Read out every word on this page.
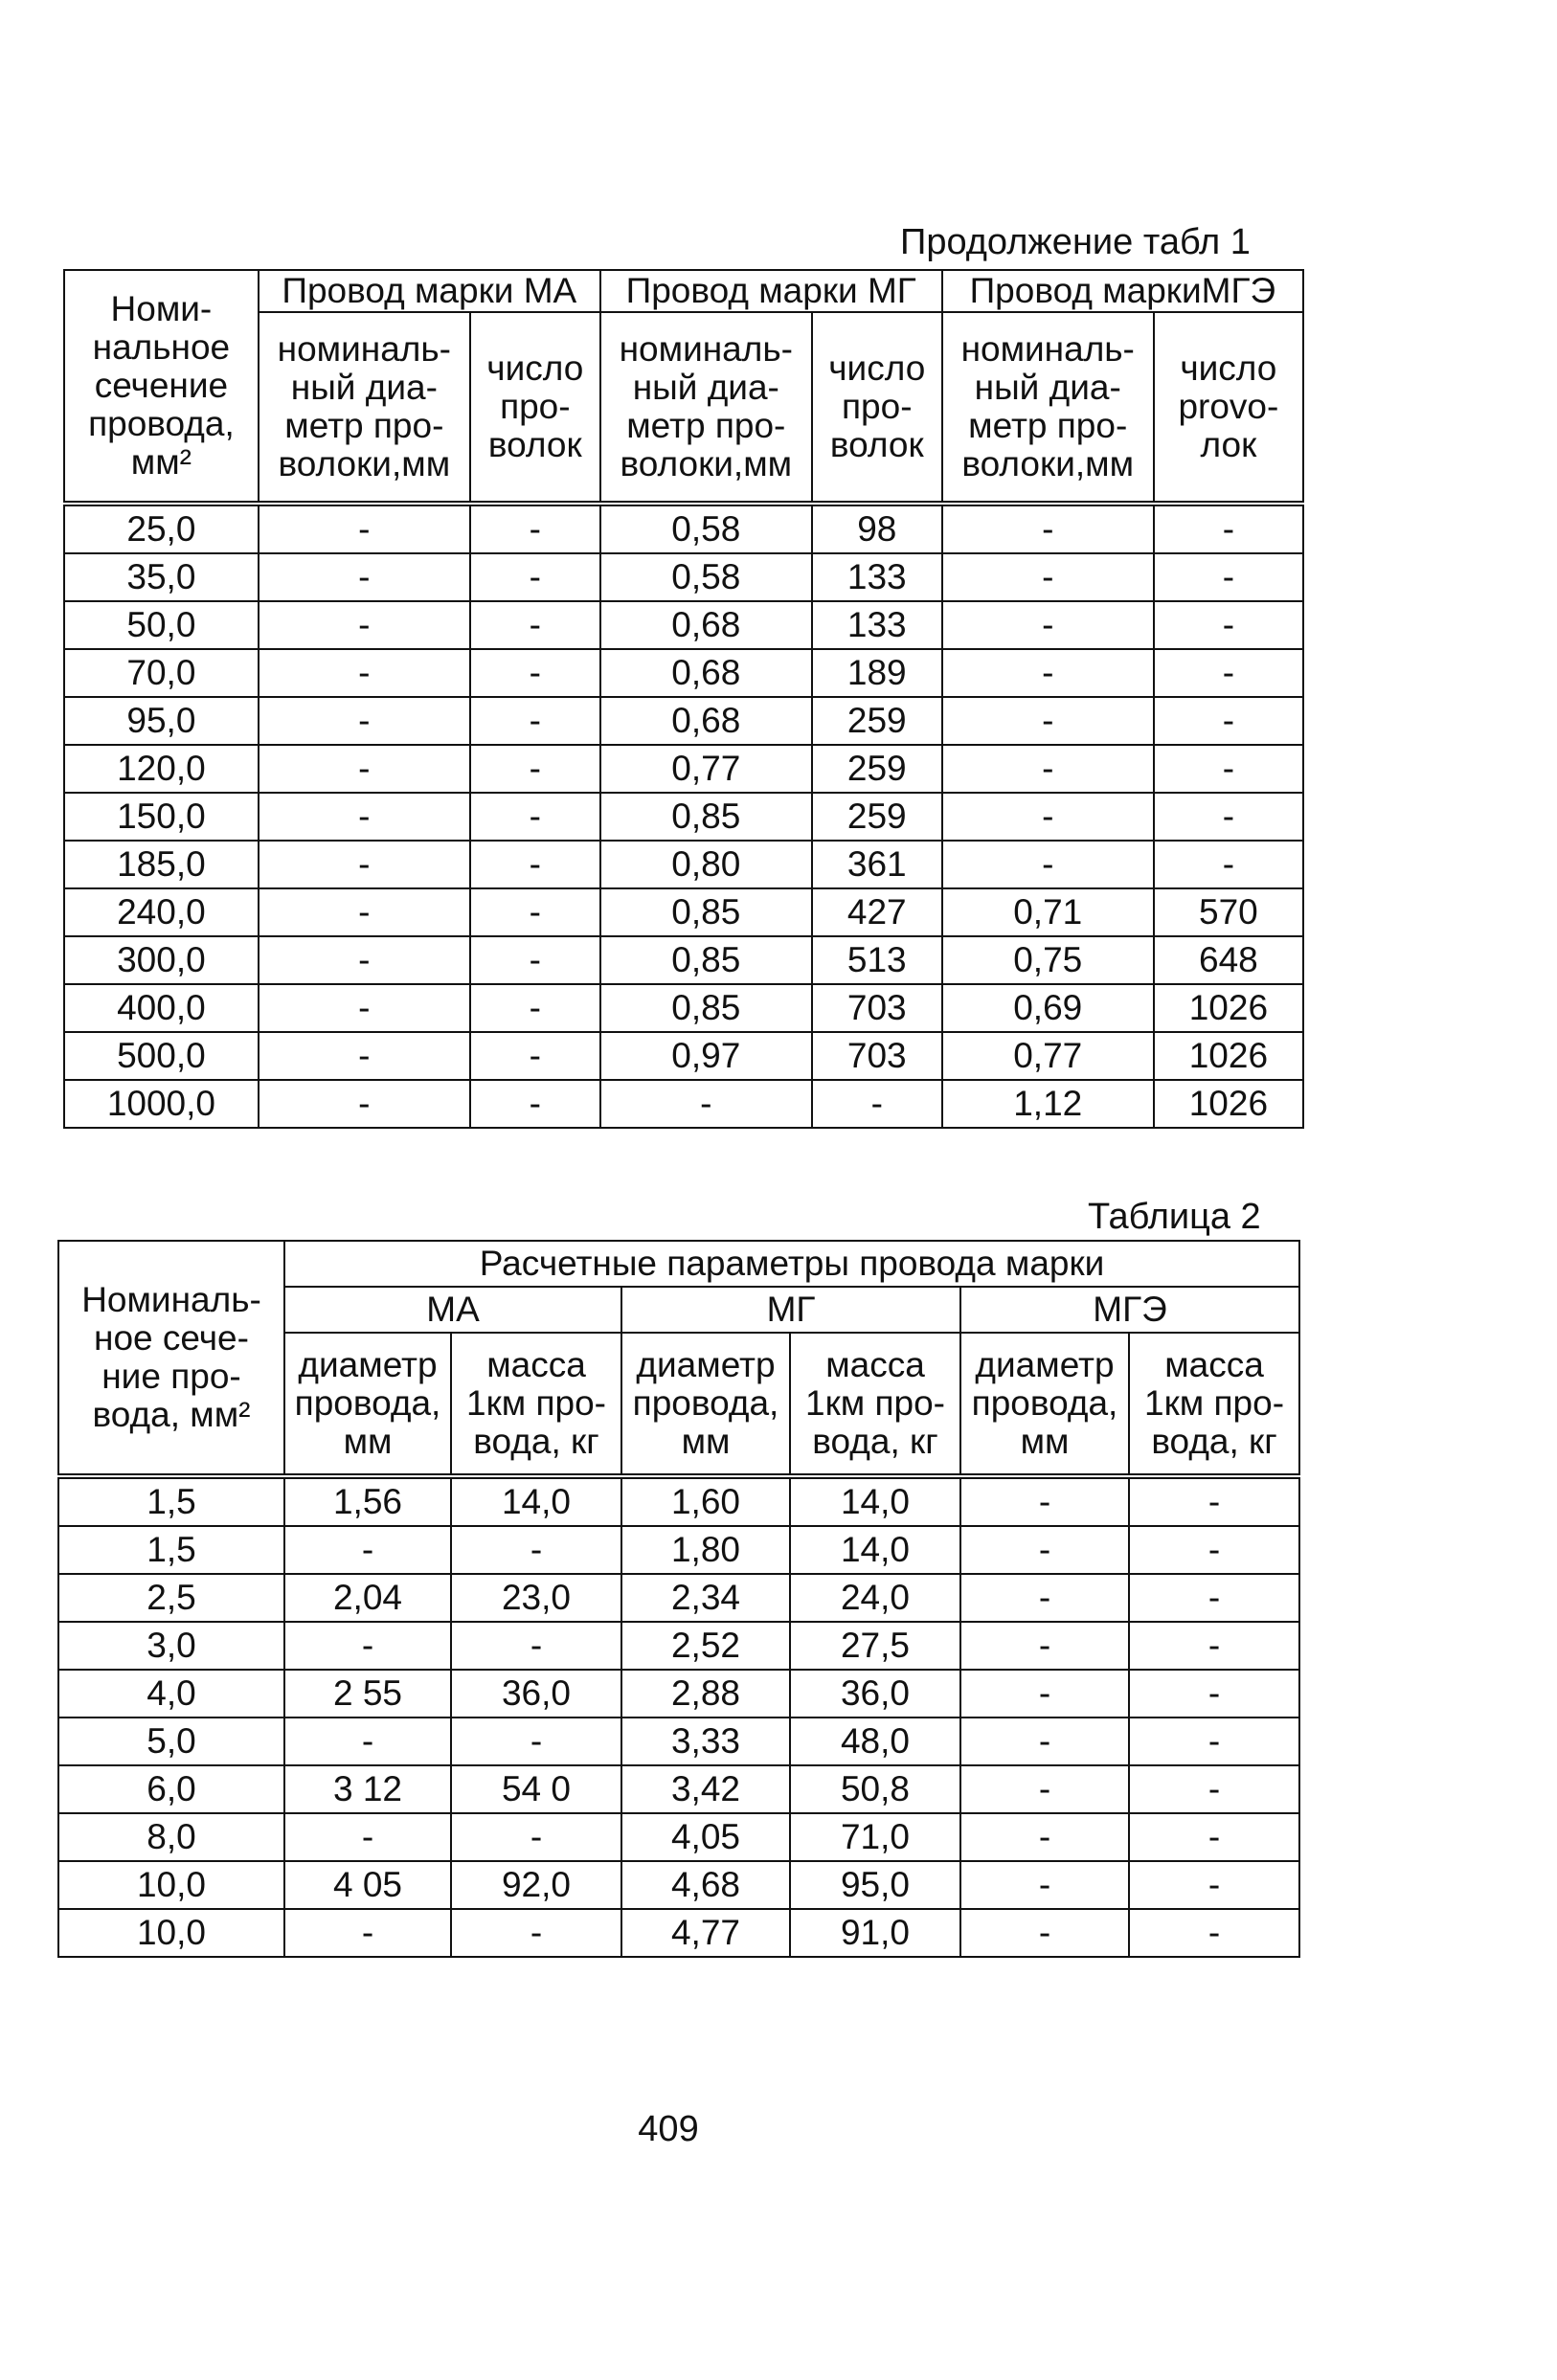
Продолжение табл 1
Номи-
нальное
сечение
провода,
мм²	Провод марки МА		Провод марки МГ		Провод маркиМГЭ	
	номиналь-
ный диа-
метр про-
волоки,мм	число
про-
волок	номиналь-
ный диа-
метр про-
волоки,мм	число
про-
волок	номиналь-
ный диа-
метр про-
волоки,мм	число
provo-
лок
25,0	-	-	0,58	98	-	-
35,0	-	-	0,58	133	-	-
50,0	-	-	0,68	133	-	-
70,0	-	-	0,68	189	-	-
95,0	-	-	0,68	259	-	-
120,0	-	-	0,77	259	-	-
150,0	-	-	0,85	259	-	-
185,0	-	-	0,80	361	-	-
240,0	-	-	0,85	427	0,71	570
300,0	-	-	0,85	513	0,75	648
400,0	-	-	0,85	703	0,69	1026
500,0	-	-	0,97	703	0,77	1026
1000,0	-	-	-	-	1,12	1026
Таблица 2
Номиналь-
ное сече-
ние про-
вода, мм²	Расчетные параметры провода марки					
	МА		МГ		МГЭ	
	диаметр
провода,
мм	масса
1км про-
вода, кг	диаметр
провода,
мм	масса
1км про-
вода, кг	диаметр
провода,
мм	масса
1км про-
вода, кг
1,5	1,56	14,0	1,60	14,0	-	-
1,5	-	-	1,80	14,0	-	-
2,5	2,04	23,0	2,34	24,0	-	-
3,0	-	-	2,52	27,5	-	-
4,0	2 55	36,0	2,88	36,0	-	-
5,0	-	-	3,33	48,0	-	-
6,0	3 12	54 0	3,42	50,8	-	-
8,0	-	-	4,05	71,0	-	-
10,0	4 05	92,0	4,68	95,0	-	-
10,0	-	-	4,77	91,0	-	-
409
